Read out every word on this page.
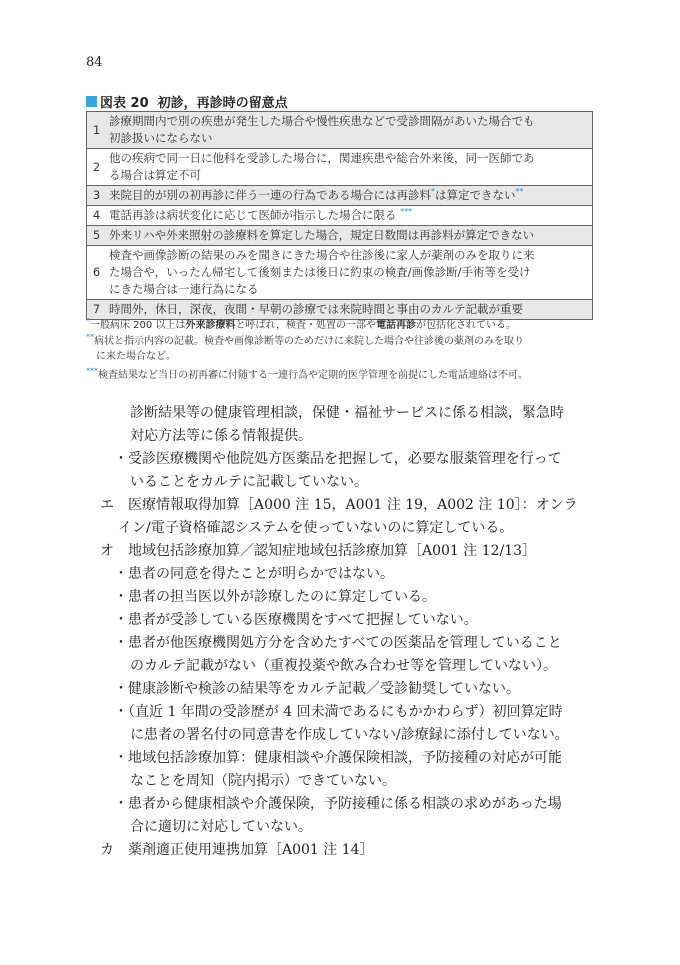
84
図表 20 初診，再診時の留意点
1	診療期間内で別の疾患が発生した場合や慢性疾患などで受診間隔があいた場合でも
初診扱いにならない

2	他の疾病で同一日に他科を受診した場合に，関連疾患や総合外来後，同一医師であ
る場合は算定不可

3	来院目的が別の初再診に伴う一連の行為である場合には再診料*は算定できない**
4	電話再診は病状変化に応じて医師が指示した場合に限る ***
5	外来リハや外来照射の診療料を算定した場合，規定日数間は再診料が算定できない

6	検査や画像診断の結果のみを聞きにきた場合や往診後に家人が薬剤のみを取りに来
た場合や，いったん帰宅して後刻または後日に約束の検査/画像診断/手術等を受け
にきた場合は一連行為になる

7	時間外，休日，深夜，夜間・早朝の診療では来院時間と事由のカルテ記載が重要
*一般病床 200 以上は外来診療料と呼ばれ，検査・処置の一部や電話再診が包括化されている。
**病状と指示内容の記載。検査や画像診断等のためだけに来院した場合や往診後の薬剤のみを取り
に来た場合など。
***検査結果など当日の初再審に付随する一連行為や定期的医学管理を前提にした電話連絡は不可。
診断結果等の健康管理相談，保健・福祉サービスに係る相談，緊急時
対応方法等に係る情報提供。
・受診医療機関や他院処方医薬品を把握して，必要な服薬管理を行って
いることをカルテに記載していない。
エ　医療情報取得加算［A000 注 15，A001 注 19，A002 注 10］：オンラ
イン/電子資格確認システムを使っていないのに算定している。
オ　地域包括診療加算／認知症地域包括診療加算［A001 注 12/13］
・患者の同意を得たことが明らかではない。
・患者の担当医以外が診療したのに算定している。
・患者が受診している医療機関をすべて把握していない。
・患者が他医療機関処方分を含めたすべての医薬品を管理していること
のカルテ記載がない（重複投薬や飲み合わせ等を管理していない）。
・健康診断や検診の結果等をカルテ記載／受診勧奨していない。
・（直近 1 年間の受診歴が 4 回未満であるにもかかわらず）初回算定時
に患者の署名付の同意書を作成していない/診療録に添付していない。
・地域包括診療加算：健康相談や介護保険相談，予防接種の対応が可能
なことを周知（院内掲示）できていない。
・患者から健康相談や介護保険，予防接種に係る相談の求めがあった場
合に適切に対応していない。
カ　薬剤適正使用連携加算［A001 注 14］
